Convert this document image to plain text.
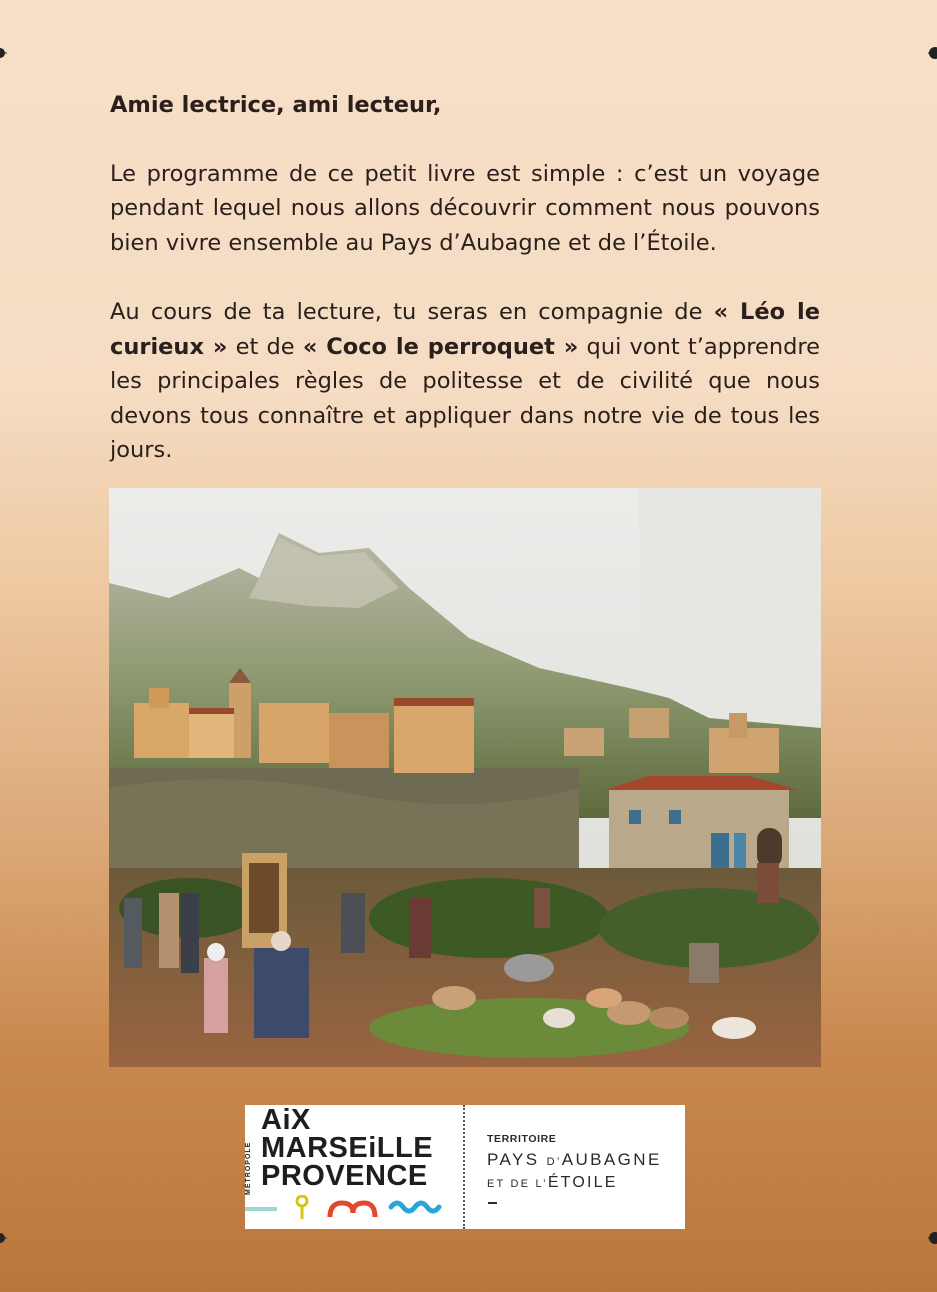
Amie lectrice, ami lecteur,

Le programme de ce petit livre est simple : c’est un voyage pendant lequel nous allons découvrir comment nous pouvons bien vivre ensemble au Pays d’Aubagne et de l’Étoile.

Au cours de ta lecture, tu seras en compagnie de « Léo le curieux » et de « Coco le perroquet » qui vont t’apprendre les principales règles de politesse et de civilité que nous devons tous connaître et appliquer dans notre vie de tous les jours.

MÉTROPOLE
AiX
MARSEiLLE
PROVENCE
TERRITOIRE
PAYS D’AUBAGNE
ET DE L’ÉTOILE
